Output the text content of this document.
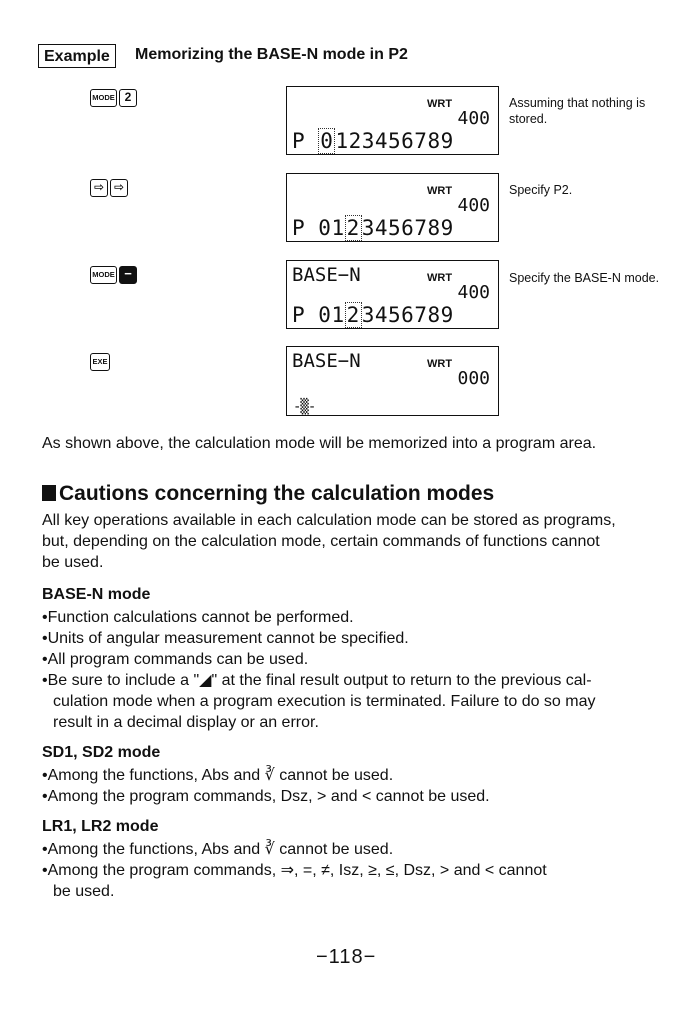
Example	Memorizing the BASE-N mode in P2
MODE 2	WRT
400
P 0123456789
Assuming that nothing is stored.
⇨ ⇨	WRT
400
P 0123456789
Specify P2.
MODE −	BASE−N	WRT
400
P 0123456789
Specify the BASE-N mode.
EXE	BASE−N	WRT
000
-▒-

As shown above, the calculation mode will be memorized into a program area.

Cautions concerning the calculation modes

All key operations available in each calculation mode can be stored as programs,

but, depending on the calculation mode, certain commands of functions cannot

be used.

BASE-N mode

•Function calculations cannot be performed.

•Units of angular measurement cannot be specified.

•All program commands can be used.

•Be sure to include a "◢" at the final result output to return to the previous cal-

culation mode when a program execution is terminated. Failure to do so may

result in a decimal display or an error.

SD1, SD2 mode

•Among the functions, Abs and ∛ cannot be used.

•Among the program commands, Dsz, > and < cannot be used.

LR1, LR2 mode

•Among the functions, Abs and ∛ cannot be used.

•Among the program commands, ⇒, =, ≠, Isz, ≥, ≤, Dsz, > and < cannot

be used.

−118−
